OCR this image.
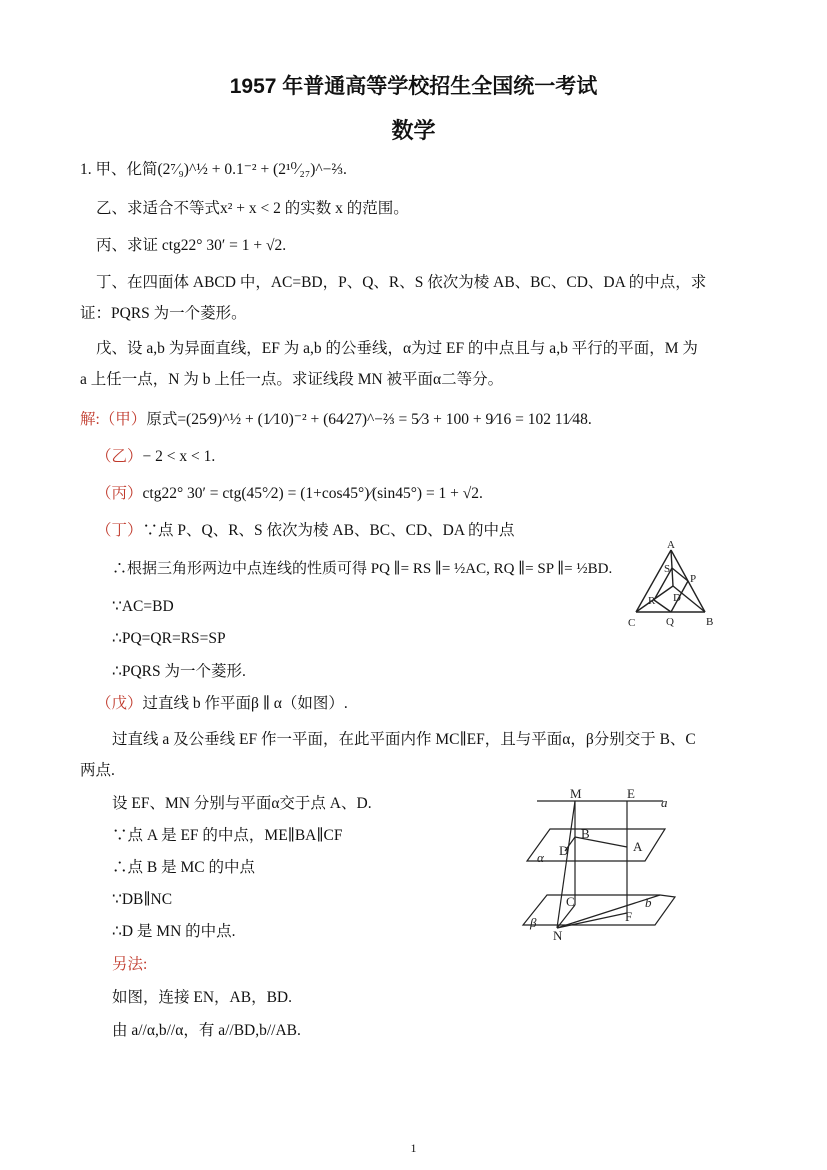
1957 年普通高等学校招生全国统一考试
数学
1. 甲、化简(2⁷⁄₉)^½ + 0.1⁻² + (2¹⁰⁄₂₇)^−⅔.
乙、求适合不等式x² + x < 2 的实数 x 的范围。
丙、求证 ctg22° 30′ = 1 + √2.
丁、在四面体 ABCD 中，AC=BD，P、Q、R、S 依次为棱 AB、BC、CD、DA 的中点，求
证：PQRS 为一个菱形。
戊、设 a,b 为异面直线，EF 为 a,b 的公垂线，α为过 EF 的中点且与 a,b 平行的平面，M 为
a 上任一点，N 为 b 上任一点。求证线段 MN 被平面α二等分。
解:（甲）原式=(25⁄9)^½ + (1⁄10)⁻² + (64⁄27)^−⅔ = 5⁄3 + 100 + 9⁄16 = 102 11⁄48.
（乙）− 2 < x < 1.
（丙）ctg22° 30′ = ctg(45°⁄2) = (1+cos45°)⁄(sin45°) = 1 + √2.
（丁）∵点 P、Q、R、S 依次为棱 AB、BC、CD、DA 的中点
∴根据三角形两边中点连线的性质可得 PQ ∥= RS ∥= ½AC, RQ ∥= SP ∥= ½BD.
∵AC=BD
∴PQ=QR=RS=SP
∴PQRS 为一个菱形.
A
B
C	Q
P
R
S
D
（戊）过直线 b 作平面β ∥ α（如图）.
过直线 a 及公垂线 EF 作一平面，在此平面内作 MC∥EF，且与平面α，β分别交于 B、C
两点.
设 EF、MN 分别与平面α交于点 A、D.
∵点 A 是 EF 的中点，ME∥BA∥CF
∴点 B 是 MC 的中点
∵DB∥NC
∴D 是 MN 的中点.
另法:
如图，连接 EN，AB，BD.
由 a//α,b//α，有 a//BD,b//AB.
M	E
a
B
A
D
α
C
F
b
β
N
1
